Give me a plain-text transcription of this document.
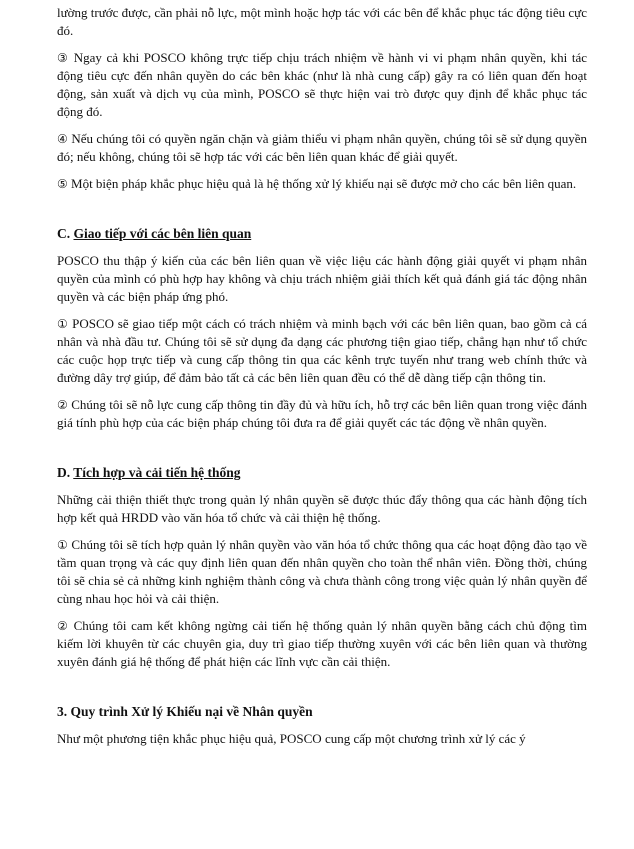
lường trước được, cần phải nỗ lực, một mình hoặc hợp tác với các bên để khắc phục tác động tiêu cực đó.

③ Ngay cả khi POSCO không trực tiếp chịu trách nhiệm về hành vi vi phạm nhân quyền, khi tác động tiêu cực đến nhân quyền do các bên khác (như là nhà cung cấp) gây ra có liên quan đến hoạt động, sản xuất và dịch vụ của mình, POSCO sẽ thực hiện vai trò được quy định để khắc phục tác động đó.

④ Nếu chúng tôi có quyền ngăn chặn và giảm thiểu vi phạm nhân quyền, chúng tôi sẽ sử dụng quyền đó; nếu không, chúng tôi sẽ hợp tác với các bên liên quan khác để giải quyết.

⑤ Một biện pháp khắc phục hiệu quả là hệ thống xử lý khiếu nại sẽ được mở cho các bên liên quan.

C. Giao tiếp với các bên liên quan

POSCO thu thập ý kiến của các bên liên quan về việc liệu các hành động giải quyết vi phạm nhân quyền của mình có phù hợp hay không và chịu trách nhiệm giải thích kết quả đánh giá tác động nhân quyền và các biện pháp ứng phó.

① POSCO sẽ giao tiếp một cách có trách nhiệm và minh bạch với các bên liên quan, bao gồm cả cá nhân và nhà đầu tư. Chúng tôi sẽ sử dụng đa dạng các phương tiện giao tiếp, chẳng hạn như tổ chức các cuộc họp trực tiếp và cung cấp thông tin qua các kênh trực tuyến như trang web chính thức và đường dây trợ giúp, để đảm bảo tất cả các bên liên quan đều có thể dễ dàng tiếp cận thông tin.

② Chúng tôi sẽ nỗ lực cung cấp thông tin đầy đủ và hữu ích, hỗ trợ các bên liên quan trong việc đánh giá tính phù hợp của các biện pháp chúng tôi đưa ra để giải quyết các tác động về nhân quyền.

D. Tích hợp và cải tiến hệ thống

Những cải thiện thiết thực trong quản lý nhân quyền sẽ được thúc đẩy thông qua các hành động tích hợp kết quả HRDD vào văn hóa tổ chức và cải thiện hệ thống.

① Chúng tôi sẽ tích hợp quản lý nhân quyền vào văn hóa tổ chức thông qua các hoạt động đào tạo về tầm quan trọng và các quy định liên quan đến nhân quyền cho toàn thể nhân viên. Đồng thời, chúng tôi sẽ chia sẻ cả những kinh nghiệm thành công và chưa thành công trong việc quản lý nhân quyền để cùng nhau học hỏi và cải thiện.

② Chúng tôi cam kết không ngừng cải tiến hệ thống quản lý nhân quyền bằng cách chủ động tìm kiếm lời khuyên từ các chuyên gia, duy trì giao tiếp thường xuyên với các bên liên quan và thường xuyên đánh giá hệ thống để phát hiện các lĩnh vực cần cải thiện.

3. Quy trình Xử lý Khiếu nại về Nhân quyền

Như một phương tiện khắc phục hiệu quả, POSCO cung cấp một chương trình xử lý các ý
